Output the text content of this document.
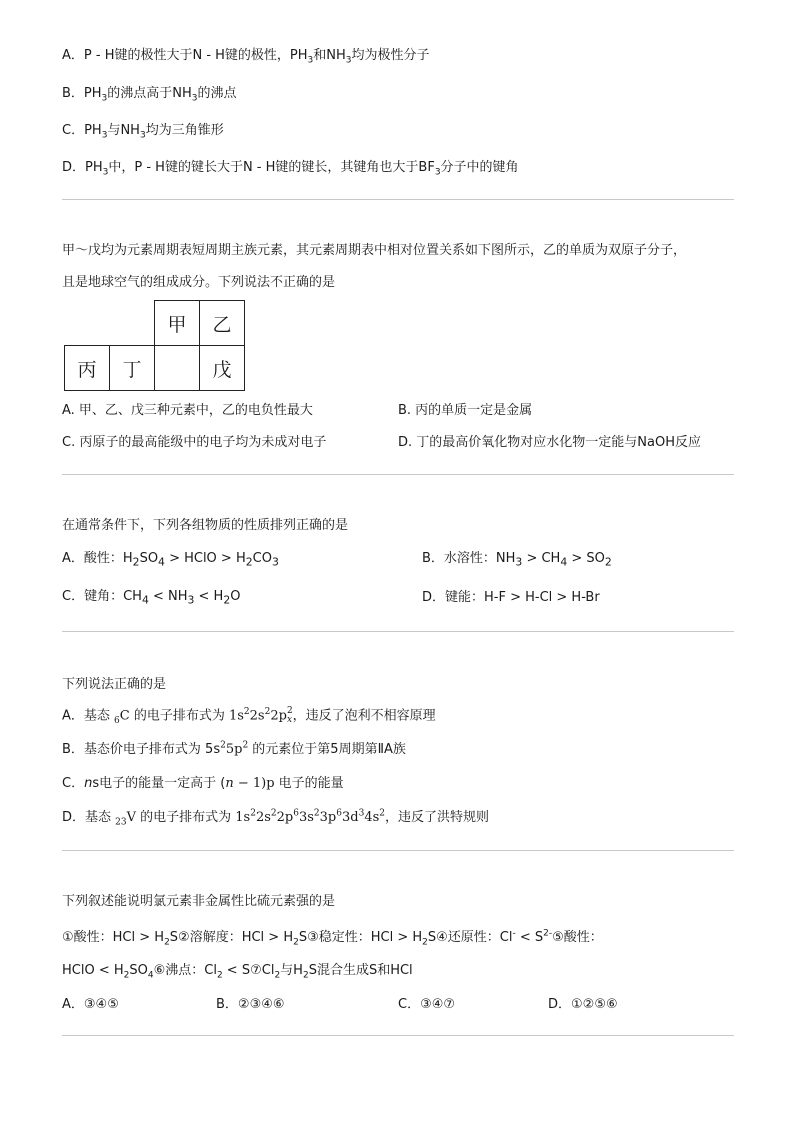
A．P - H键的极性大于N - H键的极性，$PH_3$和$NH_3$均为极性分子
B．$PH_3$的沸点高于$NH_3$的沸点
C．$PH_3$与$NH_3$均为三角锥形
D．$PH_3$中，P - H键的键长大于N - H键的键长，其键角也大于$BF_3$分子中的键角
甲～戊均为元素周期表短周期主族元素，其元素周期表中相对位置关系如下图所示，乙的单质为双原子分子，
且是地球空气的组成成分。下列说法不正确的是
		甲	乙
丙	丁		戊
A. 甲、乙、戊三种元素中，乙的电负性最大	B. 丙的单质一定是金属
C. 丙原子的最高能级中的电子均为未成对电子	D. 丁的最高价氧化物对应水化物一定能与NaOH反应
在通常条件下，下列各组物质的性质排列正确的是
A．酸性：$H_2SO_4$ > HClO > $H_2CO_3$	B．水溶性：$NH_3 > CH_4 > SO_2$
C．键角：$CH_4 < NH_3 < H_2O$	D．键能：H-F > H-Cl > H-Br
下列说法正确的是
A．基态 $_6$C 的电子排布式为 $1s^22s^22p$ 2
x ，违反了泡利不相容原理
B．基态价电子排布式为 $5s^25p^2$ 的元素位于第5周期第ⅡA族
C．ns电子的能量一定高于 (n − 1)p 电子的能量
D．基态 $_{23}$V 的电子排布式为 $1s^22s^22p^63s^23p^63d^34s^2$，违反了洪特规则
下列叙述能说明氯元素非金属性比硫元素强的是
①酸性：HCl > $H_2S②$溶解度：HCl > $H_2S③$稳定性：HCl > $H_2S④$还原性：$Cl^- < S^{2-}⑤$酸性：
HClO < $H_2SO_4⑥$沸点：$Cl_2$ < $S⑦Cl_2$与$H_2S$混合生成S和HCl
A．③④⑤	B．②③④⑥	C．③④⑦	D．①②⑤⑥
